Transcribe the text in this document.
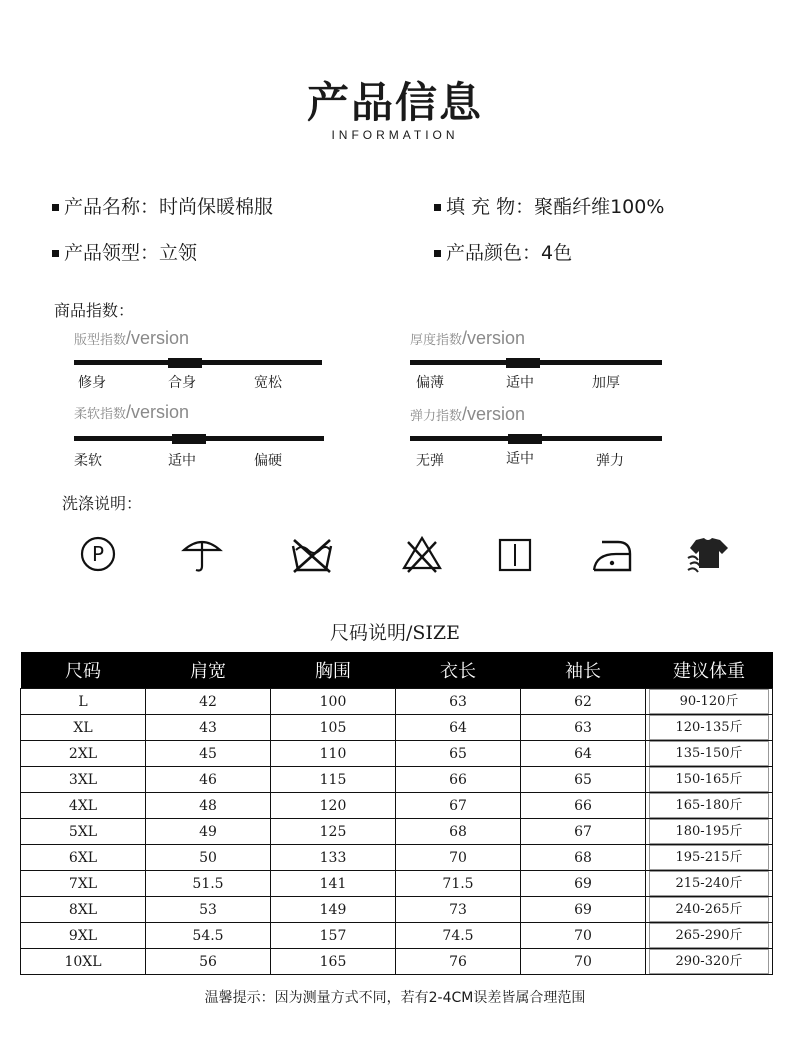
产品信息
INFORMATION
产品名称：时尚保暖棉服	填 充 物：聚酯纤维100%
产品领型：立领	产品颜色：4色
商品指数：
版型指数/version
修身	合身	宽松
厚度指数/version
偏薄	适中	加厚
柔软指数/version
柔软	适中	偏硬
弹力指数/version
无弹	适中	弹力
洗涤说明：
P
尺码说明/SIZE
尺码	肩宽	胸围	衣长	袖长	建议体重
L	42	100	63	62	90-120斤

XL	43	105	64	63	120-135斤

2XL	45	110	65	64	135-150斤

3XL	46	115	66	65	150-165斤

4XL	48	120	67	66	165-180斤

5XL	49	125	68	67	180-195斤

6XL	50	133	70	68	195-215斤

7XL	51.5	141	71.5	69	215-240斤

8XL	53	149	73	69	240-265斤

9XL	54.5	157	74.5	70	265-290斤

10XL	56	165	76	70	290-320斤
温馨提示：因为测量方式不同，若有2-4CM误差皆属合理范围
